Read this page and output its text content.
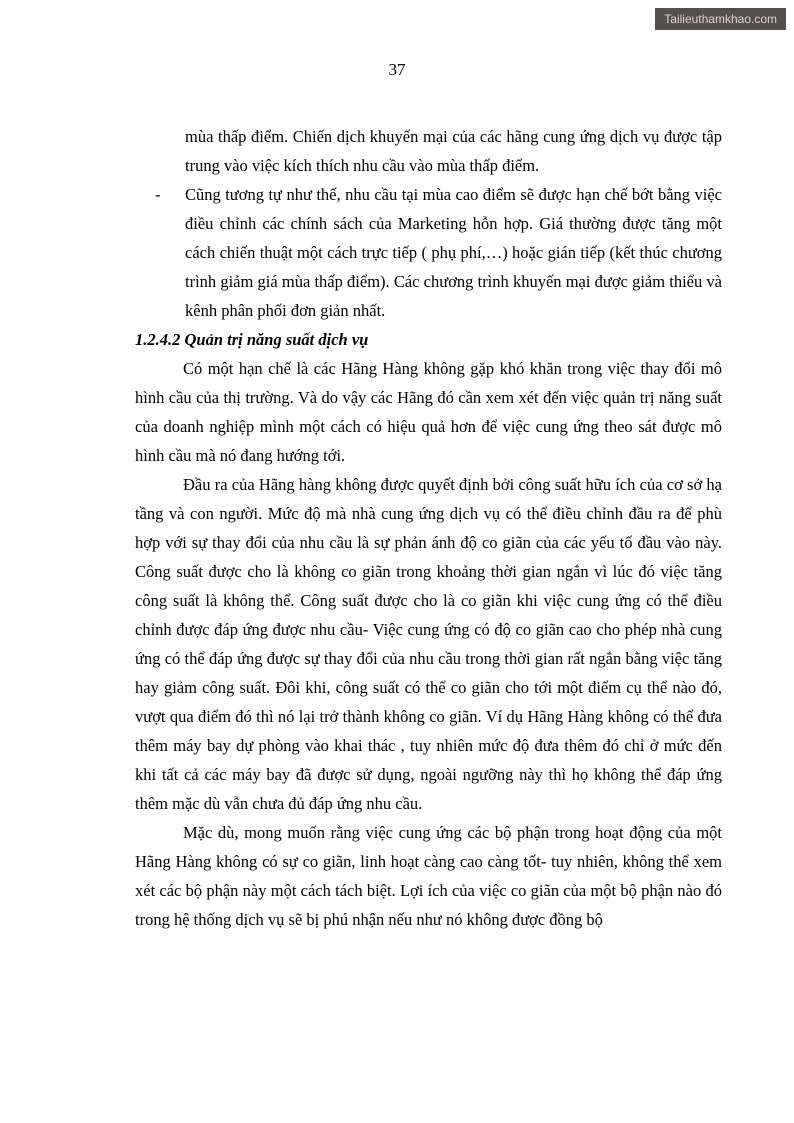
Tailieuthamkhao.com
37

mùa thấp điểm. Chiến dịch khuyến mại của các hãng cung ứng dịch vụ được tập trung vào việc kích thích nhu cầu vào mùa thấp điểm.

-	Cũng tương tự như thế, nhu cầu tại mùa cao điểm sẽ được hạn chế bớt bằng việc điều chỉnh các chính sách của Marketing hỗn hợp. Giá thường được tăng một cách chiến thuật một cách trực tiếp ( phụ phí,…) hoặc gián tiếp (kết thúc chương trình giảm giá mùa thấp điểm). Các chương trình khuyến mại được giảm thiểu và kênh phân phối đơn giản nhất.

1.2.4.2 Quản trị năng suất dịch vụ

Có một hạn chế là các Hãng Hàng không gặp khó khăn trong việc thay đổi mô hình cầu của thị trường. Và do vậy các Hãng đó cần xem xét đến việc quản trị năng suất của doanh nghiệp mình một cách có hiệu quả hơn để việc cung ứng theo sát được mô hình cầu mà nó đang hướng tới.

Đầu ra của Hãng hàng không được quyết định bởi công suất hữu ích của cơ sở hạ tầng và con người. Mức độ mà nhà cung ứng dịch vụ có thể điều chỉnh đầu ra để phù hợp với sự thay đổi của nhu cầu là sự phản ánh độ co giãn của các yếu tố đầu vào này. Công suất được cho là không co giãn trong khoảng thời gian ngắn vì lúc đó việc tăng công suất là không thể. Công suất được cho là co giãn khi việc cung ứng có thể điều chỉnh được đáp ứng được nhu cầu- Việc cung ứng có độ co giãn cao cho phép nhà cung ứng có thể đáp ứng được sự thay đổi của nhu cầu trong thời gian rất ngắn bằng việc tăng hay giảm công suất. Đôi khi, công suất có thể co giãn cho tới một điểm cụ thể nào đó, vượt qua điểm đó thì nó lại trở thành không co giãn. Ví dụ Hãng Hàng không có thể đưa thêm máy bay dự phòng vào khai thác , tuy nhiên mức độ đưa thêm đó chỉ ở mức đến khi tất cả các máy bay đã được sử dụng, ngoài ngưỡng này thì họ không thể đáp ứng thêm mặc dù vẫn chưa đủ đáp ứng nhu cầu.

Mặc dù, mong muốn rằng việc cung ứng các bộ phận trong hoạt động của một Hãng Hàng không có sự co giãn, linh hoạt càng cao càng tốt- tuy nhiên, không thể xem xét các bộ phận này một cách tách biệt. Lợi ích của việc co giãn của một bộ phận nào đó trong hệ thống dịch vụ sẽ bị phú nhận nếu như nó không được đồng bộ
